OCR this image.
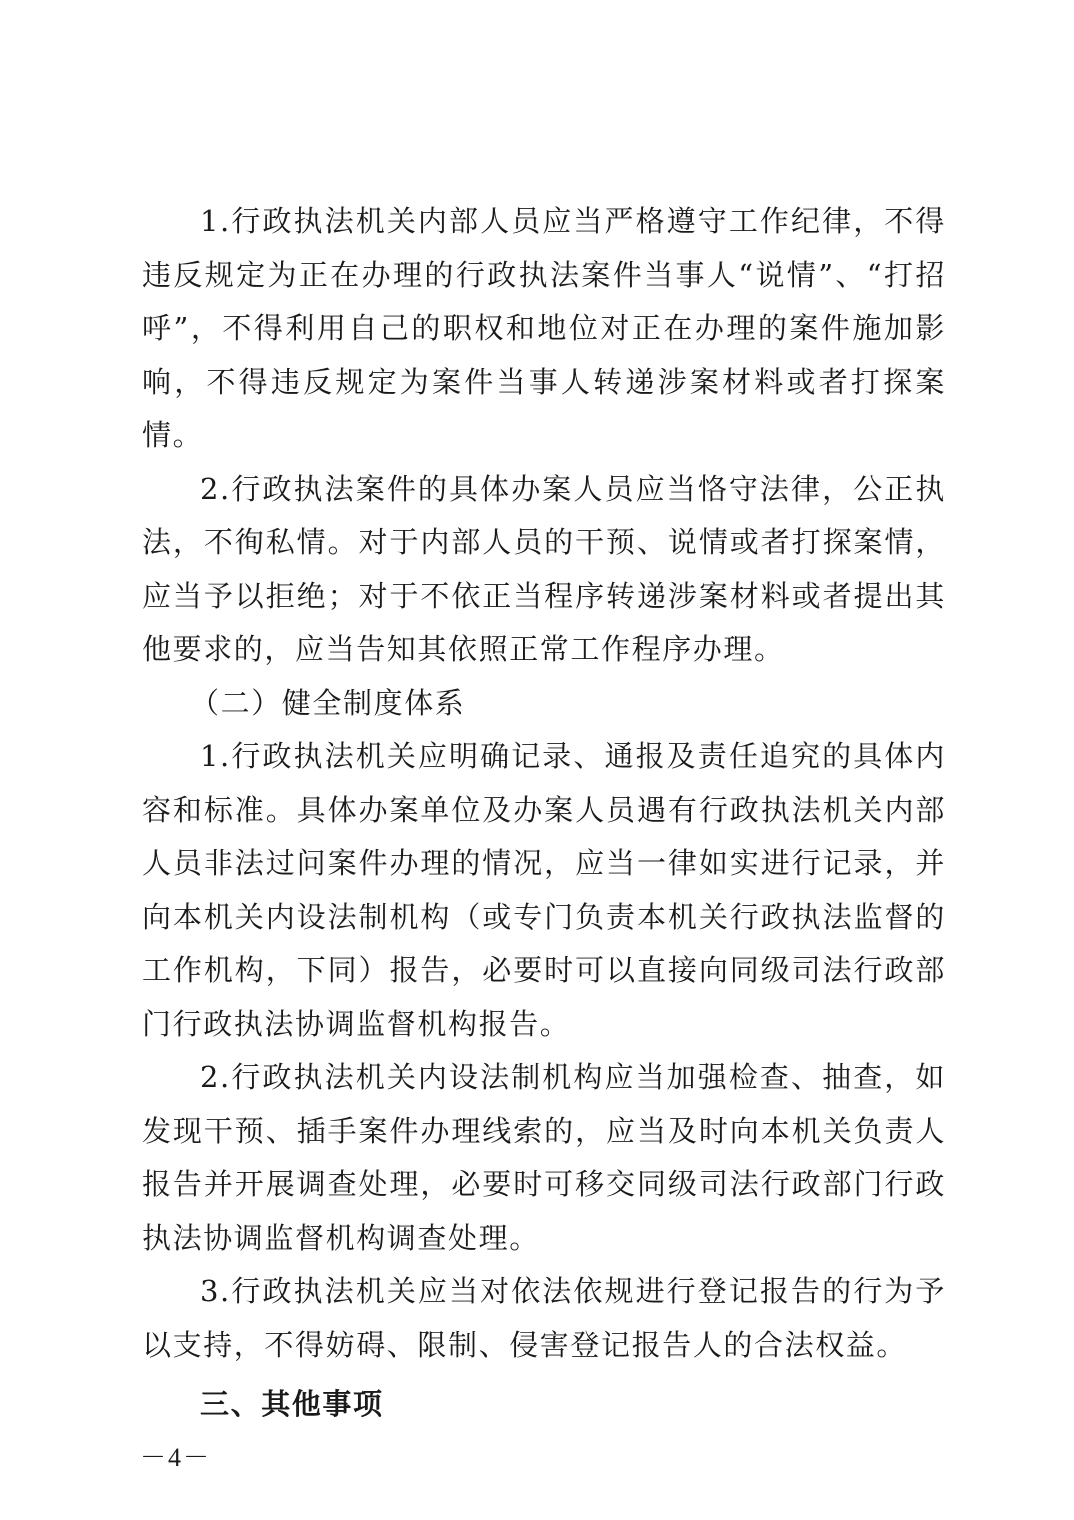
1.行政执法机关内部人员应当严格遵守工作纪律，不得违反规定为正在办理的行政执法案件当事人“说情”、“打招呼”，不得利用自己的职权和地位对正在办理的案件施加影响，不得违反规定为案件当事人转递涉案材料或者打探案情。

2.行政执法案件的具体办案人员应当恪守法律，公正执法，不徇私情。对于内部人员的干预、说情或者打探案情，应当予以拒绝；对于不依正当程序转递涉案材料或者提出其他要求的，应当告知其依照正常工作程序办理。

（二）健全制度体系

1.行政执法机关应明确记录、通报及责任追究的具体内容和标准。具体办案单位及办案人员遇有行政执法机关内部人员非法过问案件办理的情况，应当一律如实进行记录，并向本机关内设法制机构（或专门负责本机关行政执法监督的工作机构，下同）报告，必要时可以直接向同级司法行政部门行政执法协调监督机构报告。

2.行政执法机关内设法制机构应当加强检查、抽查，如发现干预、插手案件办理线索的，应当及时向本机关负责人报告并开展调查处理，必要时可移交同级司法行政部门行政执法协调监督机构调查处理。

3.行政执法机关应当对依法依规进行登记报告的行为予以支持，不得妨碍、限制、侵害登记报告人的合法权益。

三、其他事项

－4－
